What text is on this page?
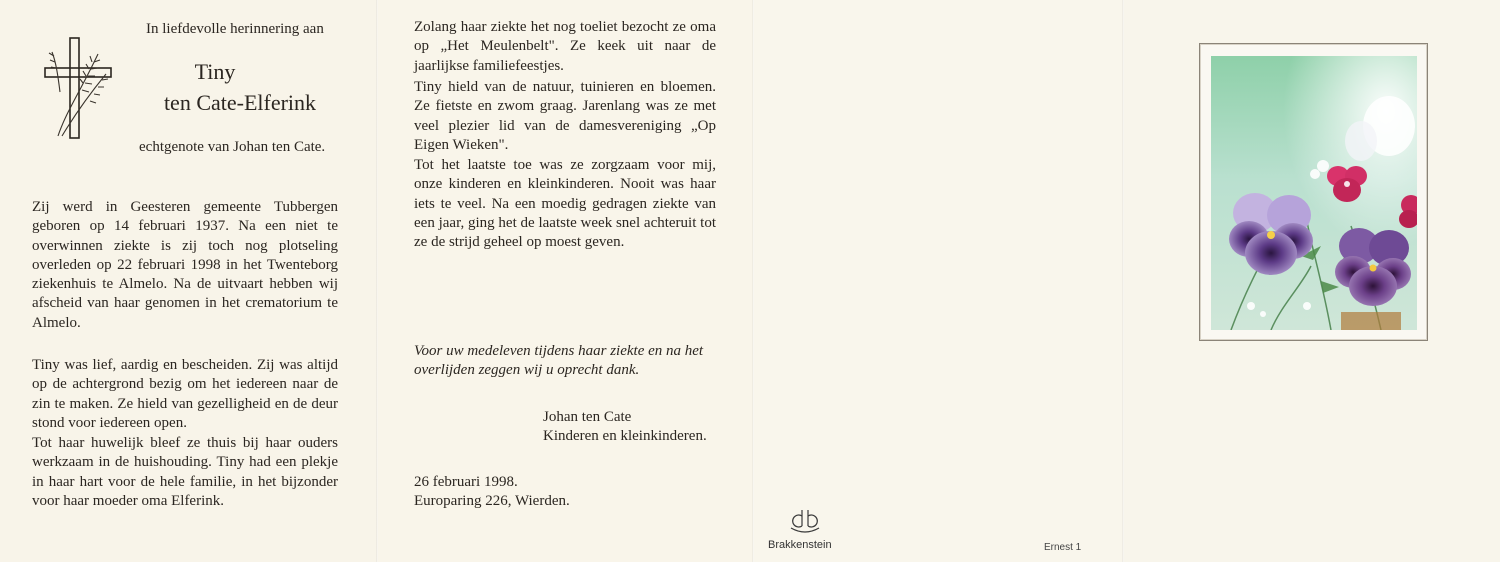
In liefdevolle herinnering aan

Tiny

ten Cate-Elferink

echtgenote van Johan ten Cate.

Zij werd in Geesteren gemeente Tubbergen geboren op 14 februari 1937. Na een niet te overwinnen ziekte is zij toch nog plotseling overleden op 22 februari 1998 in het Twenteborg ziekenhuis te Almelo. Na de uitvaart hebben wij afscheid van haar genomen in het crematorium te Almelo.

Tiny was lief, aardig en bescheiden. Zij was altijd op de achtergrond bezig om het iedereen naar de zin te maken. Ze hield van gezelligheid en de deur stond voor iedereen open.

Tot haar huwelijk bleef ze thuis bij haar ouders werkzaam in de huishouding. Tiny had een plekje in haar hart voor de hele familie, in het bijzonder voor haar moeder oma Elferink.

Zolang haar ziekte het nog toeliet bezocht ze oma op „Het Meulenbelt". Ze keek uit naar de jaarlijkse familiefeestjes.

Tiny hield van de natuur, tuinieren en bloemen. Ze fietste en zwom graag. Jarenlang was ze met veel plezier lid van de damesvereniging „Op Eigen Wieken".

Tot het laatste toe was ze zorgzaam voor mij, onze kinderen en kleinkinderen. Nooit was haar iets te veel. Na een moedig gedragen ziekte van een jaar, ging het de laatste week snel achteruit tot ze de strijd geheel op moest geven.

Voor uw medeleven tijdens haar ziekte en na het overlijden zeggen wij u oprecht dank.

Johan ten Cate
Kinderen en kleinkinderen.
26 februari 1998.
Europaring 226, Wierden.
Brakkenstein	Ernest 1
